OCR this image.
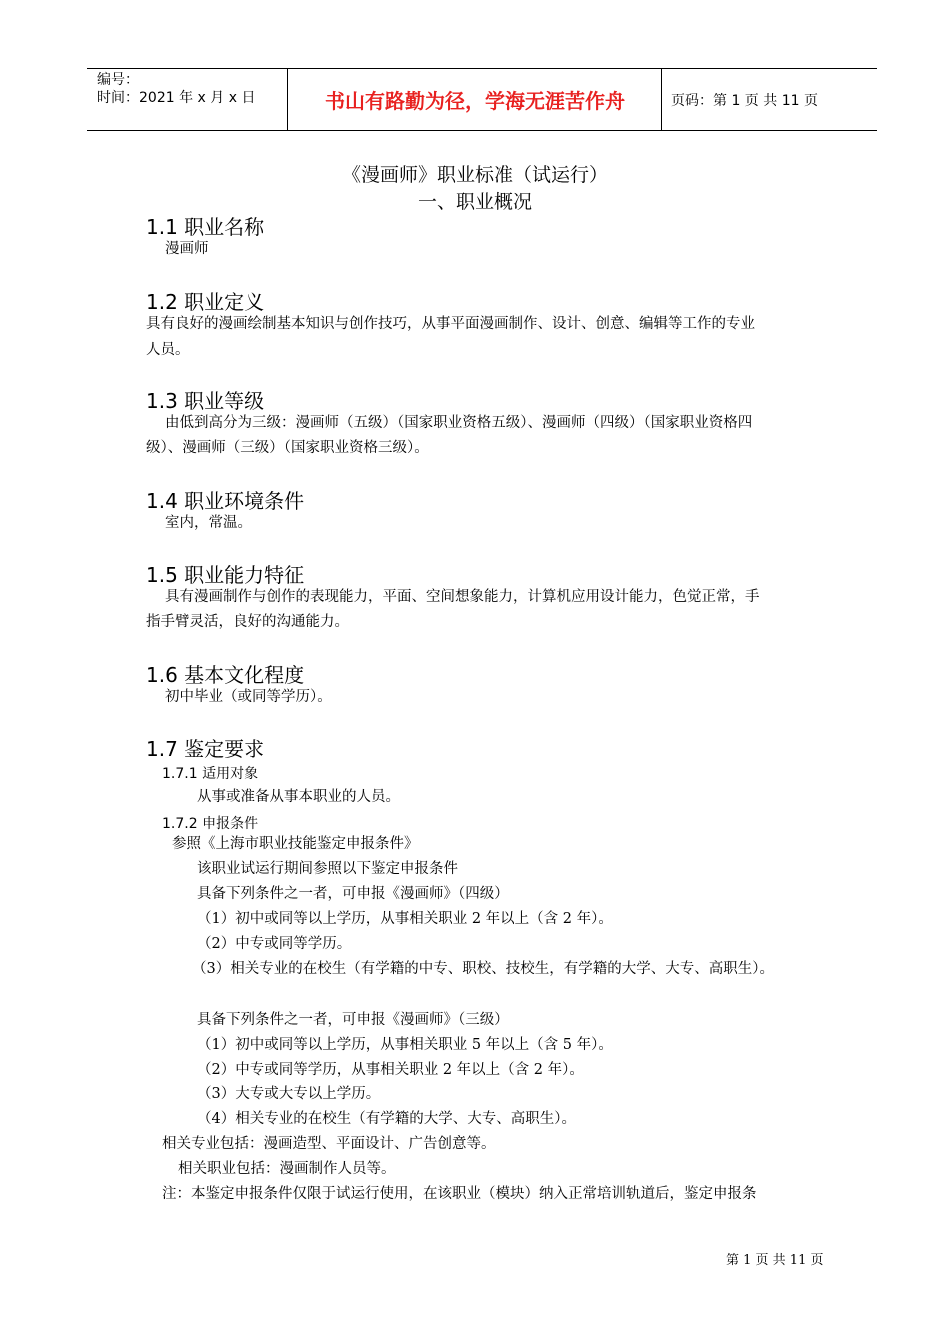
编号：
时间：2021 年 x 月 x 日	书山有路勤为径，学海无涯苦作舟	页码：第 1 页 共 11 页
《漫画师》职业标准（试运行）
一、职业概况
1.1 职业名称
漫画师
1.2 职业定义
具有良好的漫画绘制基本知识与创作技巧，从事平面漫画制作、设计、创意、编辑等工作的专业
人员。
1.3 职业等级
由低到高分为三级：漫画师（五级）（国家职业资格五级）、漫画师（四级）（国家职业资格四
级）、漫画师（三级）（国家职业资格三级）。
1.4 职业环境条件
室内，常温。
1.5 职业能力特征
具有漫画制作与创作的表现能力，平面、空间想象能力，计算机应用设计能力，色觉正常，手
指手臂灵活，良好的沟通能力。
1.6 基本文化程度
初中毕业（或同等学历）。
1.7 鉴定要求
1.7.1 适用对象
从事或准备从事本职业的人员。
1.7.2 申报条件
参照《上海市职业技能鉴定申报条件》
该职业试运行期间参照以下鉴定申报条件
具备下列条件之一者，可申报《漫画师》（四级）
（1）初中或同等以上学历，从事相关职业 2 年以上（含 2 年）。
（2）中专或同等学历。
（3）相关专业的在校生（有学籍的中专、职校、技校生，有学籍的大学、大专、高职生）。
具备下列条件之一者，可申报《漫画师》（三级）
（1）初中或同等以上学历，从事相关职业 5 年以上（含 5 年）。
（2）中专或同等学历，从事相关职业 2 年以上（含 2 年）。
（3）大专或大专以上学历。
（4）相关专业的在校生（有学籍的大学、大专、高职生）。
相关专业包括：漫画造型、平面设计、广告创意等。
相关职业包括：漫画制作人员等。
注：本鉴定申报条件仅限于试运行使用，在该职业（模块）纳入正常培训轨道后，鉴定申报条
第 1 页 共 11 页
